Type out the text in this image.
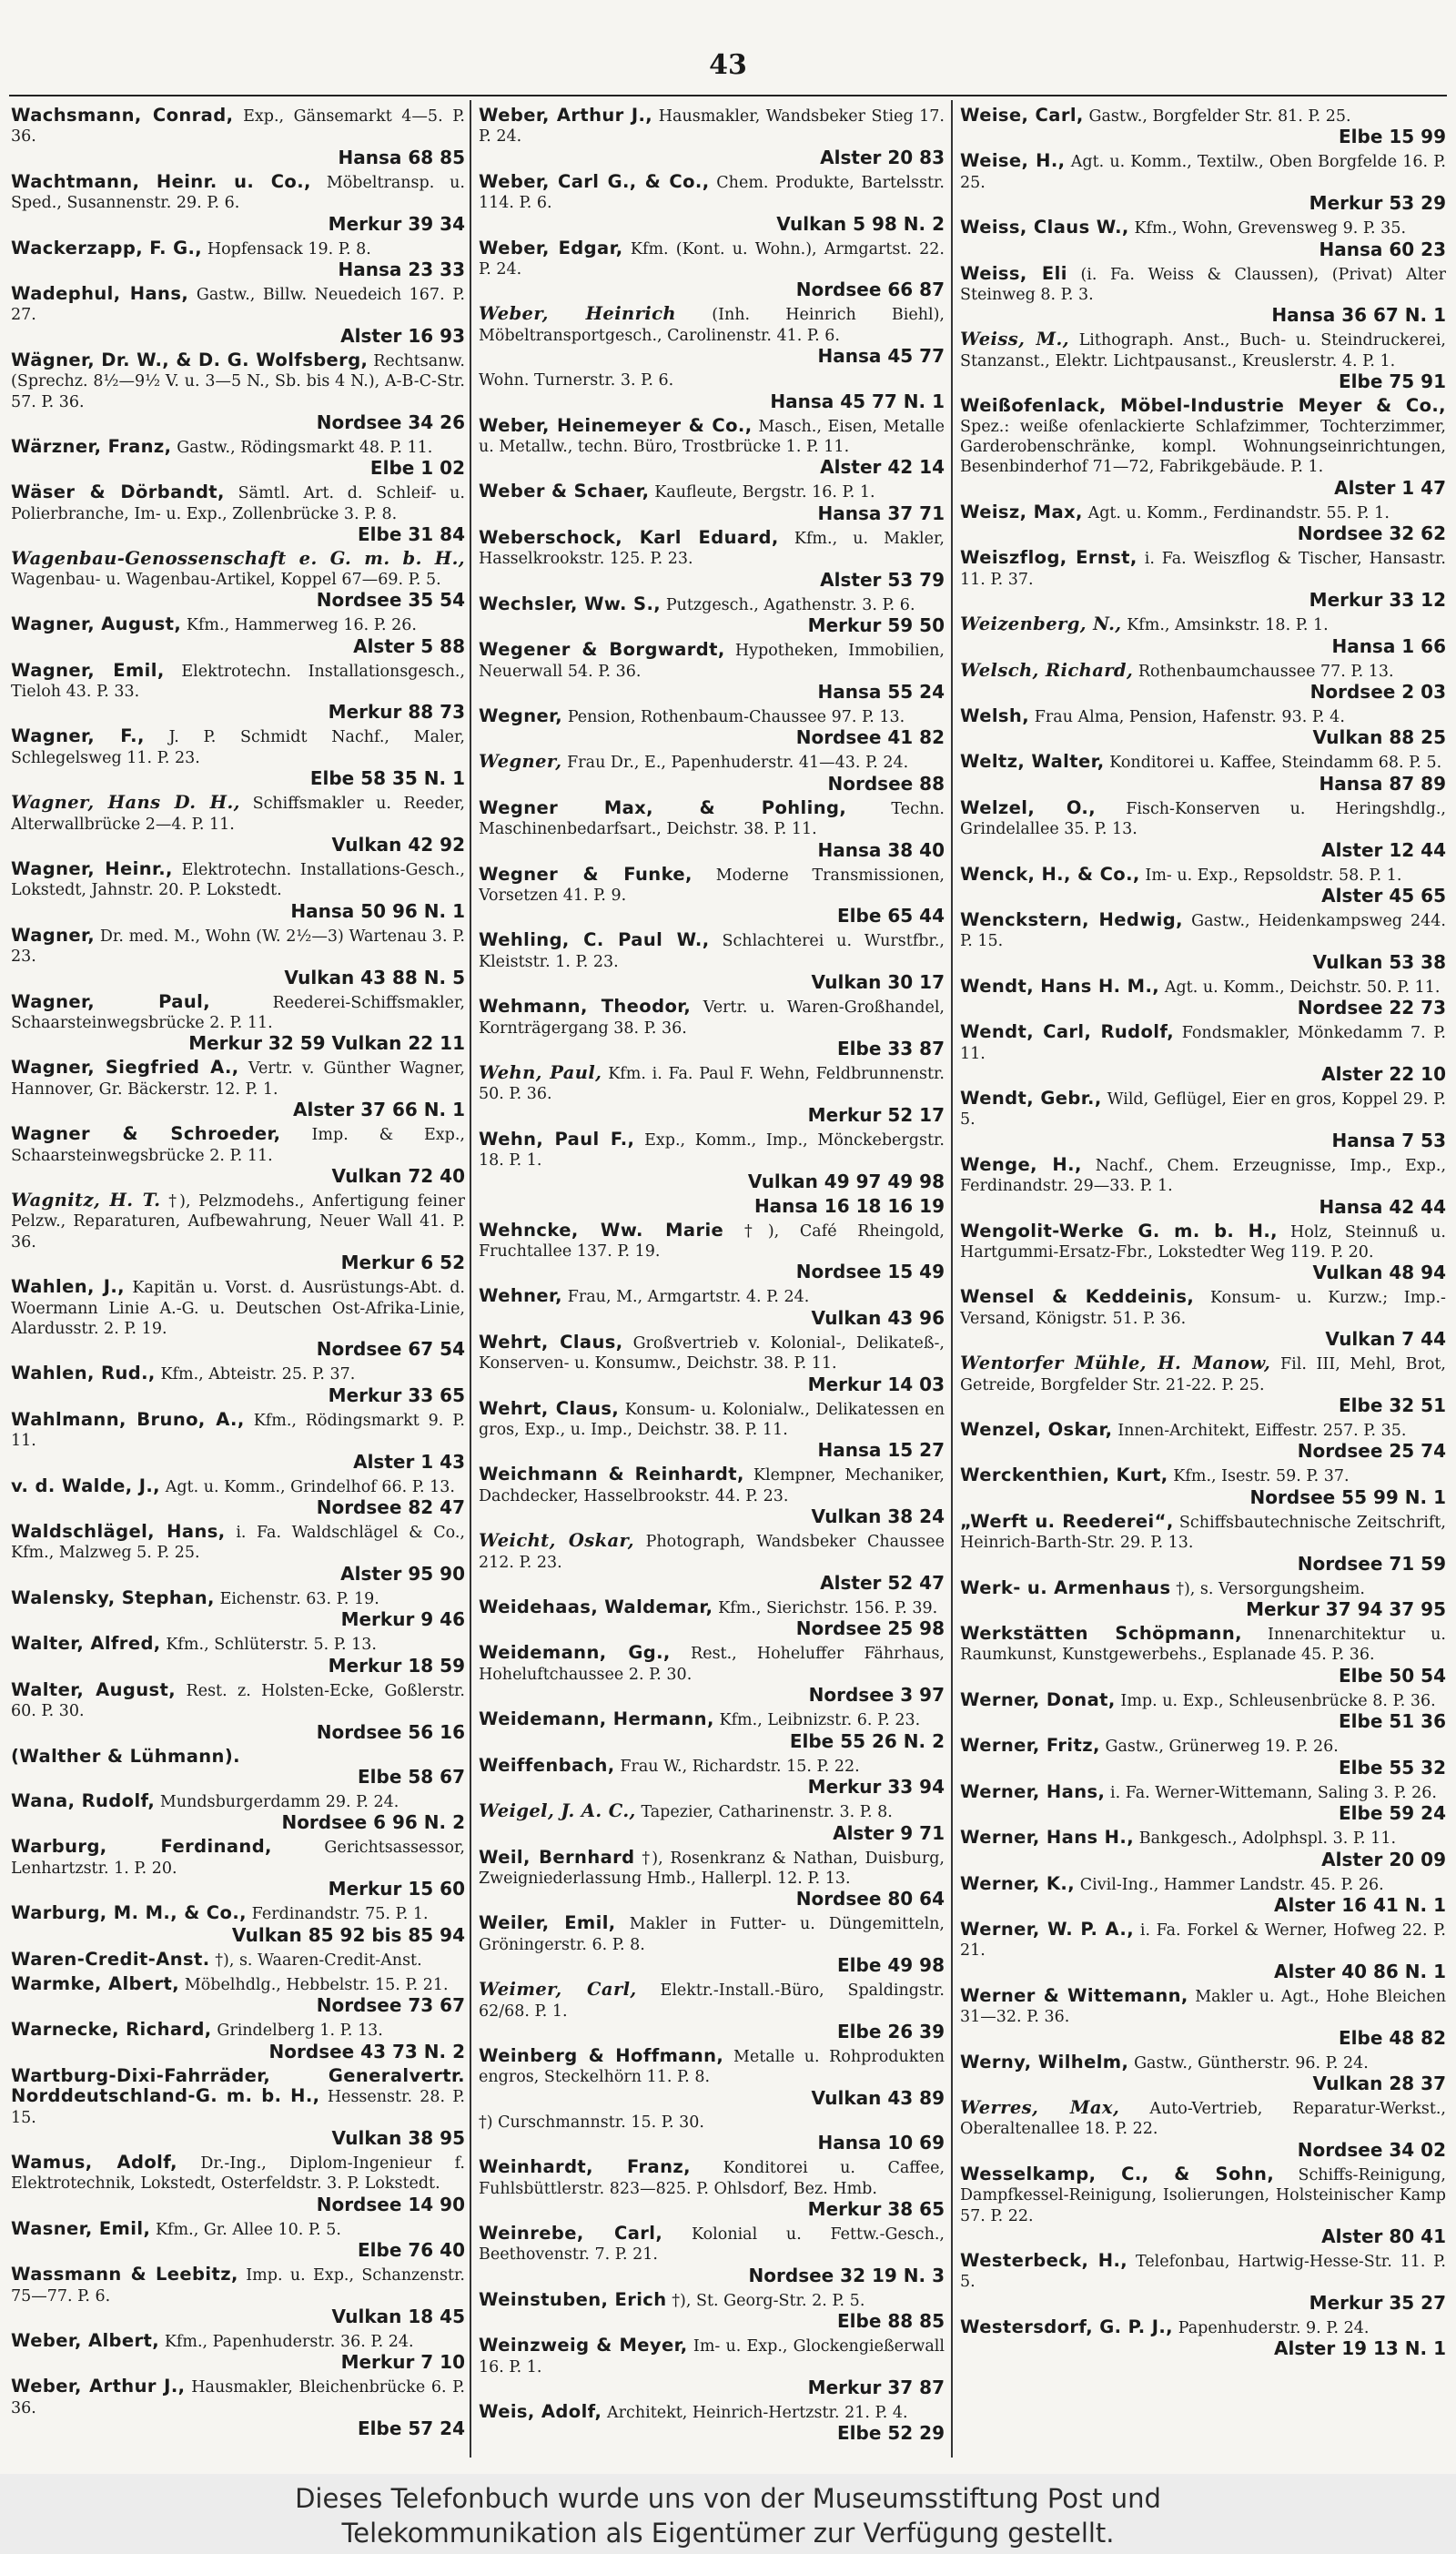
43
Wachsmann, Conrad, Exp., Gänsemarkt 4—5. P. 36.
Hansa 68 85
Wachtmann, Heinr. u. Co., Möbeltransp. u. Sped., Susannenstr. 29. P. 6.
Merkur 39 34
Wackerzapp, F. G., Hopfensack 19. P. 8.
Hansa 23 33
Wadephul, Hans, Gastw., Billw. Neuedeich 167. P. 27.
Alster 16 93
Wägner, Dr. W., & D. G. Wolfsberg, Rechtsanw. (Sprechz. 8½—9½ V. u. 3—5 N., Sb. bis 4 N.), A-B-C-Str. 57. P. 36.
Nordsee 34 26
Wärzner, Franz, Gastw., Rödingsmarkt 48. P. 11.
Elbe 1 02
Wäser & Dörbandt, Sämtl. Art. d. Schleif- u. Polierbranche, Im- u. Exp., Zollenbrücke 3. P. 8.
Elbe 31 84
Wagenbau-Genossenschaft e. G. m. b. H., Wagenbau- u. Wagenbau-Artikel, Koppel 67—69. P. 5.
Nordsee 35 54
Wagner, August, Kfm., Hammerweg 16. P. 26.
Alster 5 88
Wagner, Emil, Elektrotechn. Installationsgesch., Tieloh 43. P. 33.
Merkur 88 73
Wagner, F., J. P. Schmidt Nachf., Maler, Schlegelsweg 11. P. 23.
Elbe 58 35 N. 1
Wagner, Hans D. H., Schiffsmakler u. Reeder, Alterwallbrücke 2—4. P. 11.
Vulkan 42 92
Wagner, Heinr., Elektrotechn. Installations-Gesch., Lokstedt, Jahnstr. 20. P. Lokstedt.
Hansa 50 96 N. 1
Wagner, Dr. med. M., Wohn (W. 2½—3) Wartenau 3. P. 23.
Vulkan 43 88 N. 5
Wagner, Paul,	Reederei-Schiffsmakler, Schaarsteinwegsbrücke 2. P. 11.
Merkur 32 59 Vulkan 22 11
Wagner, Siegfried A., Vertr. v. Günther Wagner, Hannover, Gr. Bäckerstr. 12. P. 1.
Alster 37 66 N. 1
Wagner & Schroeder, Imp. & Exp., Schaarsteinwegsbrücke 2. P. 11.
Vulkan 72 40
Wagnitz, H. T. †), Pelzmodehs., Anfertigung feiner Pelzw., Reparaturen, Aufbewahrung, Neuer Wall 41. P. 36.
Merkur 6 52
Wahlen, J., Kapitän u. Vorst. d. Ausrüstungs-Abt. d. Woermann Linie A.-G. u. Deutschen Ost-Afrika-Linie, Alardusstr. 2. P. 19.
Nordsee 67 54
Wahlen, Rud., Kfm., Abteistr. 25. P. 37.
Merkur 33 65
Wahlmann, Bruno, A., Kfm., Rödingsmarkt 9. P. 11.
Alster 1 43
v. d. Walde, J., Agt. u. Komm., Grindelhof 66. P. 13.
Nordsee 82 47
Waldschlägel, Hans, i. Fa. Waldschlägel & Co., Kfm., Malzweg 5. P. 25.
Alster 95 90
Walensky, Stephan, Eichenstr. 63. P. 19.
Merkur 9 46
Walter, Alfred, Kfm., Schlüterstr. 5. P. 13.
Merkur 18 59
Walter, August, Rest. z. Holsten-Ecke, Goßlerstr. 60. P. 30.
Nordsee 56 16
(Walther & Lühmann).
Elbe 58 67
Wana, Rudolf, Mundsburgerdamm 29. P. 24.
Nordsee 6 96 N. 2
Warburg, Ferdinand,	Gerichtsassessor, Lenhartzstr. 1. P. 20.
Merkur 15 60
Warburg, M. M., & Co., Ferdinandstr. 75. P. 1.
Vulkan 85 92 bis 85 94
Waren-Credit-Anst. †), s. Waaren-Credit-Anst.
Warmke, Albert, Möbelhdlg., Hebbelstr. 15. P. 21.
Nordsee 73 67
Warnecke, Richard, Grindelberg 1. P. 13.
Nordsee 43 73 N. 2
Wartburg-Dixi-Fahrräder, Generalvertr. Norddeutschland-G. m. b. H., Hessenstr. 28. P. 15.
Vulkan 38 95
Wamus, Adolf, Dr.-Ing., Diplom-Ingenieur f. Elektrotechnik, Lokstedt, Osterfeldstr. 3. P. Lokstedt.
Nordsee 14 90
Wasner, Emil, Kfm., Gr. Allee 10. P. 5.
Elbe 76 40
Wassmann & Leebitz, Imp. u. Exp., Schanzenstr. 75—77. P. 6.
Vulkan 18 45
Weber, Albert, Kfm., Papenhuderstr. 36. P. 24.
Merkur 7 10
Weber, Arthur J., Hausmakler, Bleichenbrücke 6. P. 36.
Elbe 57 24
Weber, Arthur J., Hausmakler, Wandsbeker Stieg 17. P. 24.
Alster 20 83
Weber, Carl G., & Co., Chem. Produkte, Bartelsstr. 114. P. 6.
Vulkan 5 98 N. 2
Weber, Edgar, Kfm. (Kont. u. Wohn.), Armgartst. 22. P. 24.
Nordsee 66 87
Weber, Heinrich (Inh. Heinrich Biehl), Möbeltransportgesch., Carolinenstr. 41. P. 6.
Hansa 45 77
Wohn. Turnerstr. 3. P. 6.
Hansa 45 77 N. 1
Weber, Heinemeyer & Co., Masch., Eisen, Metalle u. Metallw., techn. Büro, Trostbrücke 1. P. 11.
Alster 42 14
Weber & Schaer, Kaufleute, Bergstr. 16. P. 1.
Hansa 37 71
Weberschock, Karl Eduard, Kfm., u. Makler, Hasselkrookstr. 125. P. 23.
Alster 53 79
Wechsler, Ww. S., Putzgesch., Agathenstr. 3. P. 6.
Merkur 59 50
Wegener & Borgwardt, Hypotheken, Immobilien, Neuerwall 54. P. 36.
Hansa 55 24
Wegner, Pension, Rothenbaum-Chaussee 97. P. 13.
Nordsee 41 82
Wegner, Frau Dr., E., Papenhuderstr. 41—43. P. 24.
Nordsee 88
Wegner Max, & Pohling,	Techn. Maschinenbedarfsart., Deichstr. 38. P. 11.
Hansa 38 40
Wegner & Funke, Moderne Transmissionen, Vorsetzen 41. P. 9.
Elbe 65 44
Wehling, C. Paul W., Schlachterei u. Wurstfbr., Kleiststr. 1. P. 23.
Vulkan 30 17
Wehmann, Theodor, Vertr. u. Waren-Großhandel, Kornträgergang 38. P. 36.
Elbe 33 87
Wehn, Paul, Kfm. i. Fa. Paul F. Wehn, Feldbrunnenstr. 50. P. 36.
Merkur 52 17
Wehn, Paul F., Exp., Komm., Imp., Mönckebergstr. 18. P. 1.
Vulkan 49 97 49 98
Hansa 16 18 16 19
Wehncke, Ww. Marie †), Café Rheingold, Fruchtallee 137. P. 19.
Nordsee 15 49
Wehner, Frau, M., Armgartstr. 4. P. 24.
Vulkan 43 96
Wehrt, Claus, Großvertrieb v. Kolonial-, Delikateß-, Konserven- u. Konsumw., Deichstr. 38. P. 11.
Merkur 14 03
Wehrt, Claus, Konsum- u. Kolonialw., Delikatessen en gros, Exp., u. Imp., Deichstr. 38. P. 11.
Hansa 15 27
Weichmann & Reinhardt, Klempner, Mechaniker, Dachdecker, Hasselbrookstr. 44. P. 23.
Vulkan 38 24
Weicht, Oskar, Photograph, Wandsbeker Chaussee 212. P. 23.
Alster 52 47
Weidehaas, Waldemar, Kfm., Sierichstr. 156. P. 39.
Nordsee 25 98
Weidemann, Gg., Rest., Hoheluffer Fährhaus, Hoheluftchaussee 2. P. 30.
Nordsee 3 97
Weidemann, Hermann, Kfm., Leibnizstr. 6. P. 23.
Elbe 55 26 N. 2
Weiffenbach, Frau W., Richardstr. 15. P. 22.
Merkur 33 94
Weigel, J. A. C., Tapezier, Catharinenstr. 3. P. 8.
Alster 9 71
Weil, Bernhard †), Rosenkranz & Nathan, Duisburg, Zweigniederlassung Hmb., Hallerpl. 12. P. 13.
Nordsee 80 64
Weiler, Emil, Makler in Futter- u. Düngemitteln, Gröningerstr. 6. P. 8.
Elbe 49 98
Weimer, Carl, Elektr.-Install.-Büro, Spaldingstr. 62/68. P. 1.
Elbe 26 39
Weinberg & Hoffmann, Metalle u. Rohprodukten engros, Steckelhörn 11. P. 8.
Vulkan 43 89
†) Curschmannstr. 15. P. 30.
Hansa 10 69
Weinhardt, Franz, Konditorei u. Caffee, Fuhlsbüttlerstr. 823—825. P. Ohlsdorf, Bez. Hmb.
Merkur 38 65
Weinrebe, Carl, Kolonial u. Fettw.-Gesch., Beethovenstr. 7. P. 21.
Nordsee 32 19 N. 3
Weinstuben, Erich †), St. Georg-Str. 2. P. 5.
Elbe 88 85
Weinzweig & Meyer, Im- u. Exp., Glockengießerwall 16. P. 1.
Merkur 37 87
Weis, Adolf, Architekt, Heinrich-Hertzstr. 21. P. 4.
Elbe 52 29
Weise, Carl, Gastw., Borgfelder Str. 81. P. 25.
Elbe 15 99
Weise, H., Agt. u. Komm., Textilw., Oben Borgfelde 16. P. 25.
Merkur 53 29
Weiss, Claus W., Kfm., Wohn, Grevensweg 9. P. 35.
Hansa 60 23
Weiss, Eli (i. Fa. Weiss & Claussen), (Privat) Alter Steinweg 8. P. 3.
Hansa 36 67 N. 1
Weiss, M., Lithograph. Anst., Buch- u. Steindruckerei, Stanzanst., Elektr. Lichtpausanst., Kreuslerstr. 4. P. 1.
Elbe 75 91
Weißofenlack, Möbel-Industrie Meyer & Co., Spez.: weiße ofenlackierte Schlafzimmer, Tochterzimmer, Garderobenschränke, kompl. Wohnungseinrichtungen, Besenbinderhof 71—72, Fabrikgebäude. P. 1.
Alster 1 47
Weisz, Max, Agt. u. Komm., Ferdinandstr. 55. P. 1.
Nordsee 32 62
Weiszflog, Ernst, i. Fa. Weiszflog & Tischer, Hansastr. 11. P. 37.
Merkur 33 12
Weizenberg, N., Kfm., Amsinkstr. 18. P. 1.
Hansa 1 66
Welsch, Richard, Rothenbaumchaussee 77. P. 13.
Nordsee 2 03
Welsh, Frau Alma, Pension, Hafenstr. 93. P. 4.
Vulkan 88 25
Weltz, Walter, Konditorei u. Kaffee, Steindamm 68. P. 5.
Hansa 87 89
Welzel, O., Fisch-Konserven u. Heringshdlg., Grindelallee 35. P. 13.
Alster 12 44
Wenck, H., & Co., Im- u. Exp., Repsoldstr. 58. P. 1.
Alster 45 65
Wenckstern, Hedwig, Gastw., Heidenkampsweg 244. P. 15.
Vulkan 53 38
Wendt, Hans H. M., Agt. u. Komm., Deichstr. 50. P. 11.
Nordsee 22 73
Wendt, Carl, Rudolf, Fondsmakler, Mönkedamm 7. P. 11.
Alster 22 10
Wendt, Gebr., Wild, Geflügel, Eier en gros, Koppel 29. P. 5.
Hansa 7 53
Wenge, H., Nachf., Chem. Erzeugnisse, Imp., Exp., Ferdinandstr. 29—33. P. 1.
Hansa 42 44
Wengolit-Werke G. m. b. H., Holz, Steinnuß u. Hartgummi-Ersatz-Fbr., Lokstedter Weg 119. P. 20.
Vulkan 48 94
Wensel & Keddeinis, Konsum- u. Kurzw.; Imp.-Versand, Königstr. 51. P. 36.
Vulkan 7 44
Wentorfer Mühle, H. Manow, Fil. III, Mehl, Brot, Getreide, Borgfelder Str. 21-22. P. 25.
Elbe 32 51
Wenzel, Oskar, Innen-Architekt, Eiffestr. 257. P. 35.
Nordsee 25 74
Werckenthien, Kurt, Kfm., Isestr. 59. P. 37.
Nordsee 55 99 N. 1
„Werft u. Reederei“, Schiffsbautechnische Zeitschrift, Heinrich-Barth-Str. 29. P. 13.
Nordsee 71 59
Werk- u. Armenhaus †), s. Versorgungsheim.
Merkur 37 94 37 95
Werkstätten Schöpmann, Innenarchitektur u. Raumkunst, Kunstgewerbehs., Esplanade 45. P. 36.
Elbe 50 54
Werner, Donat, Imp. u. Exp., Schleusenbrücke 8. P. 36.
Elbe 51 36
Werner, Fritz, Gastw., Grünerweg 19. P. 26.
Elbe 55 32
Werner, Hans, i. Fa. Werner-Wittemann, Saling 3. P. 26.
Elbe 59 24
Werner, Hans H., Bankgesch., Adolphspl. 3. P. 11.
Alster 20 09
Werner, K., Civil-Ing., Hammer Landstr. 45. P. 26.
Alster 16 41 N. 1
Werner, W. P. A., i. Fa. Forkel & Werner, Hofweg 22. P. 21.
Alster 40 86 N. 1
Werner & Wittemann, Makler u. Agt., Hohe Bleichen 31—32. P. 36.
Elbe 48 82
Werny, Wilhelm, Gastw., Güntherstr. 96. P. 24.
Vulkan 28 37
Werres, Max, Auto-Vertrieb, Reparatur-Werkst., Oberaltenallee 18. P. 22.
Nordsee 34 02
Wesselkamp, C., & Sohn, Schiffs-Reinigung, Dampfkessel-Reinigung, Isolierungen, Holsteinischer Kamp 57. P. 22.
Alster 80 41
Westerbeck, H., Telefonbau, Hartwig-Hesse-Str. 11. P. 5.
Merkur 35 27
Westersdorf, G. P. J., Papenhuderstr. 9. P. 24.
Alster 19 13 N. 1
Dieses Telefonbuch wurde uns von der Museumsstiftung Post und
Telekommunikation als Eigentümer zur Verfügung gestellt.
